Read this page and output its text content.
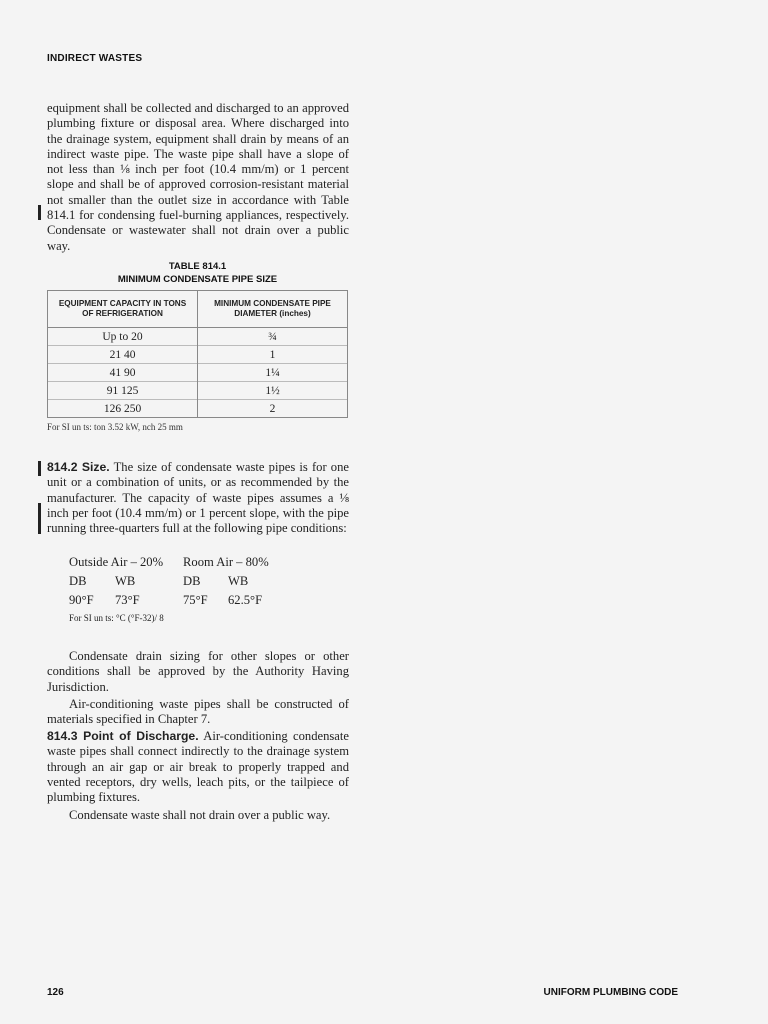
INDIRECT WASTES

equipment shall be collected and discharged to an approved plumbing fixture or disposal area. Where discharged into the drainage system, equipment shall drain by means of an indirect waste pipe. The waste pipe shall have a slope of not less than ⅛ inch per foot (10.4 mm/m) or 1 percent slope and shall be of approved corrosion-resistant material not smaller than the outlet size in accordance with Table 814.1 for condensing fuel-burning appliances, respectively. Condensate or wastewater shall not drain over a public way.

TABLE 814.1
MINIMUM CONDENSATE PIPE SIZE
EQUIPMENT CAPACITY IN TONS OF REFRIGERATION	MINIMUM CONDENSATE PIPE DIAMETER (inches)
Up to 20	¾
21 40	1
41 90	1¼
91 125	1½
126 250	2
For SI un ts: ton 3.52 kW, nch 25 mm

814.2 Size. The size of condensate waste pipes is for one unit or a combination of units, or as recommended by the manufacturer. The capacity of waste pipes assumes a ⅛ inch per foot (10.4 mm/m) or 1 percent slope, with the pipe running three-quarters full at the following pipe conditions:

Outside Air – 20% Room Air – 80%
DB WB	DB WB
90°F 73°F	75°F 62.5°F
For SI un ts: °C (°F-32)/ 8

Condensate drain sizing for other slopes or other conditions shall be approved by the Authority Having Jurisdiction.

Air-conditioning waste pipes shall be constructed of materials specified in Chapter 7.

814.3 Point of Discharge. Air-conditioning condensate waste pipes shall connect indirectly to the drainage system through an air gap or air break to properly trapped and vented receptors, dry wells, leach pits, or the tailpiece of plumbing fixtures.

Condensate waste shall not drain over a public way.

126	UNIFORM PLUMBING CODE
